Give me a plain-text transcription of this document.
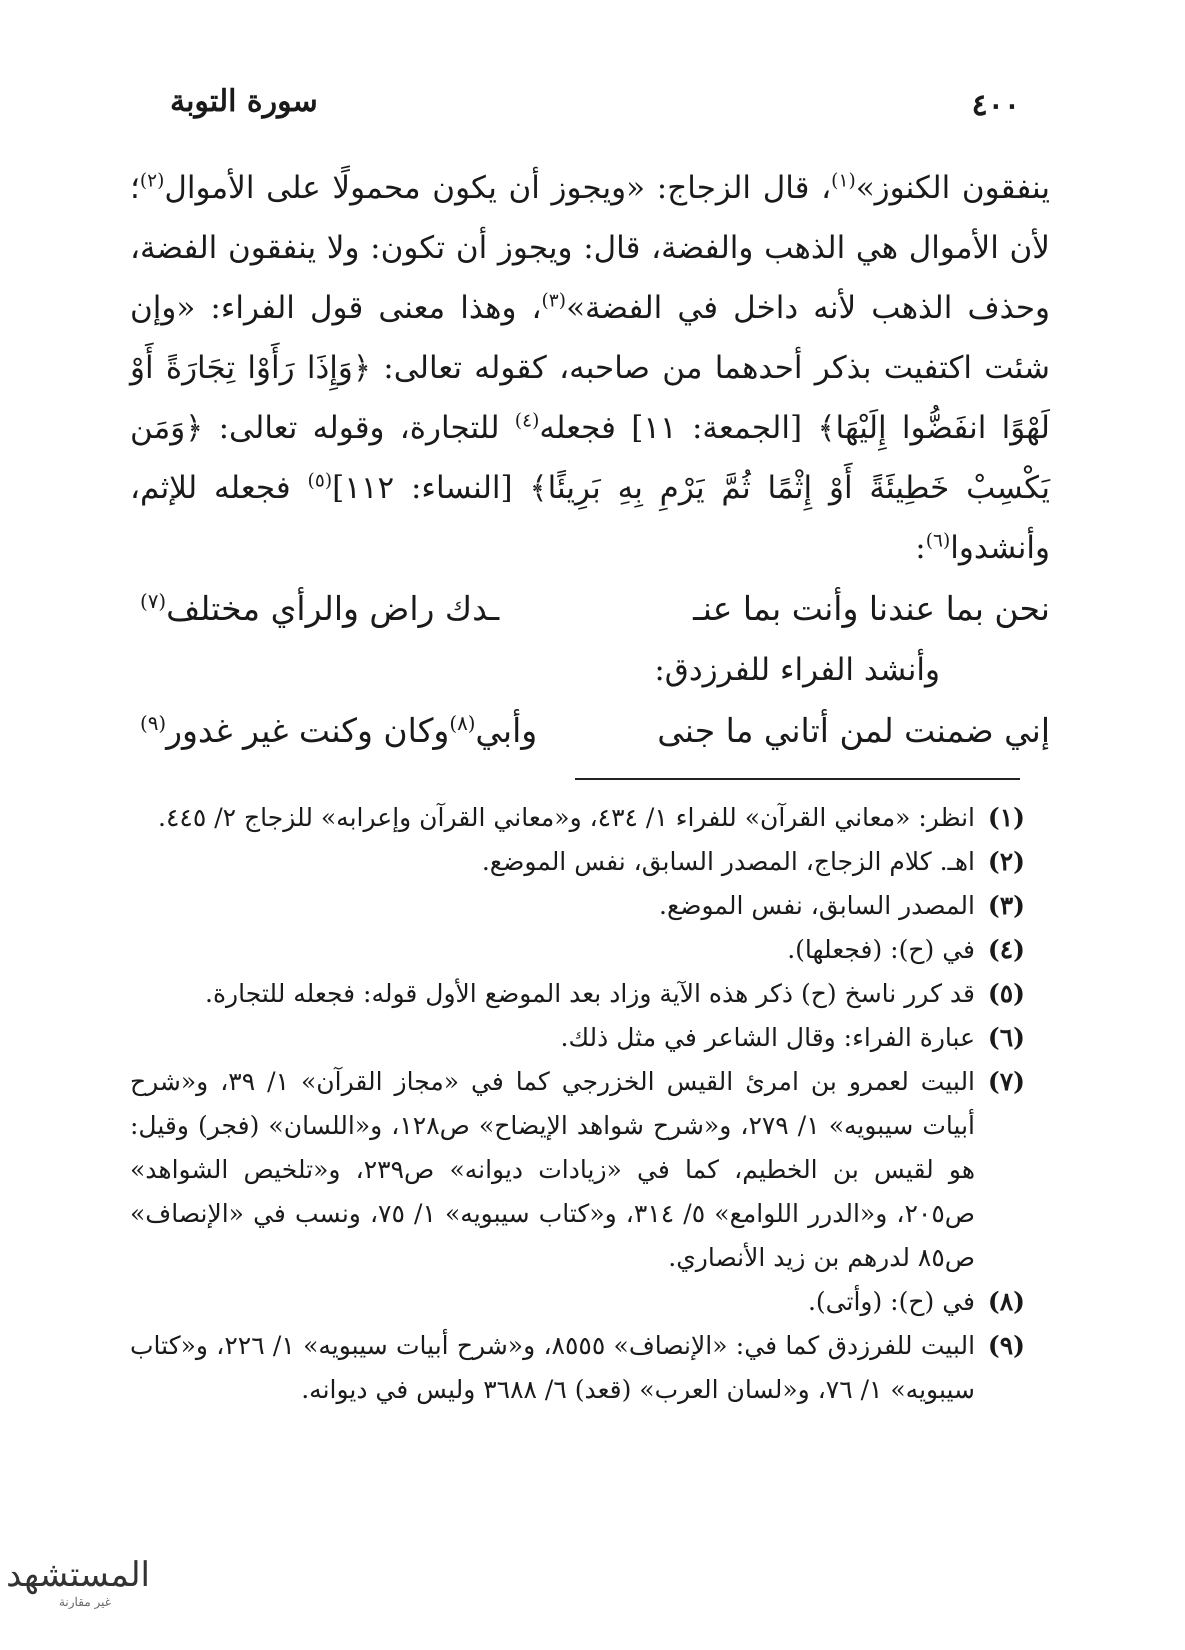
٤٠٠
سورة التوبة

ينفقون الكنوز»$^{(١)}$، قال الزجاج: «ويجوز أن يكون محمولًا على الأموال$^{(٢)}$؛ لأن الأموال هي الذهب والفضة، قال: ويجوز أن تكون: ولا ينفقون الفضة، وحذف الذهب لأنه داخل في الفضة»$^{(٣)}$، وهذا معنى قول الفراء: «وإن شئت اكتفيت بذكر أحدهما من صاحبه، كقوله تعالى: ﴿وَإِذَا رَأَوْا تِجَارَةً أَوْ لَهْوًا انفَضُّوا إِلَيْهَا﴾ [الجمعة: ١١] فجعله$^{(٤)}$ للتجارة، وقوله تعالى: ﴿وَمَن يَكْسِبْ خَطِيئَةً أَوْ إِثْمًا ثُمَّ يَرْمِ بِهِ بَرِيئًا﴾ [النساء: ١١٢]$^{(٥)}$ فجعله للإثم، وأنشدوا$^{(٦)}$:

نحن بما عندنا وأنت بما عنـ
ـدك راض والرأي مختلف$^{(٧)}$

وأنشد الفراء للفرزدق:

إني ضمنت لمن أتاني ما جنى
وأبي$^{(٨)}$وكان وكنت غير غدور$^{(٩)}$
(١)
انظر: «معاني القرآن» للفراء ١/ ٤٣٤، و«معاني القرآن وإعرابه» للزجاج ٢/ ٤٤٥.
(٢)
اهـ. كلام الزجاج، المصدر السابق، نفس الموضع.
(٣)
المصدر السابق، نفس الموضع.
(٤)
في (ح): (فجعلها).
(٥)
قد كرر ناسخ (ح) ذكر هذه الآية وزاد بعد الموضع الأول قوله: فجعله للتجارة.
(٦)
عبارة الفراء: وقال الشاعر في مثل ذلك.
(٧)
البيت لعمرو بن امرئ القيس الخزرجي كما في «مجاز القرآن» ١/ ٣٩، و«شرح أبيات سيبويه» ١/ ٢٧٩، و«شرح شواهد الإيضاح» ص١٢٨، و«اللسان» (فجر) وقيل: هو لقيس بن الخطيم، كما في «زيادات ديوانه» ص٢٣٩، و«تلخيص الشواهد» ص٢٠٥، و«الدرر اللوامع» ٥/ ٣١٤، و«كتاب سيبويه» ١/ ٧٥، ونسب في «الإنصاف» ص٨٥ لدرهم بن زيد الأنصاري.
(٨)
في (ح): (وأتى).
(٩)
البيت للفرزدق كما في: «الإنصاف» ٨٥٥٥، و«شرح أبيات سيبويه» ١/ ٢٢٦، و«كتاب سيبويه» ١/ ٧٦، و«لسان العرب» (قعد) ٦/ ٣٦٨٨ وليس في ديوانه.
المستشهد
غير مقارنة
